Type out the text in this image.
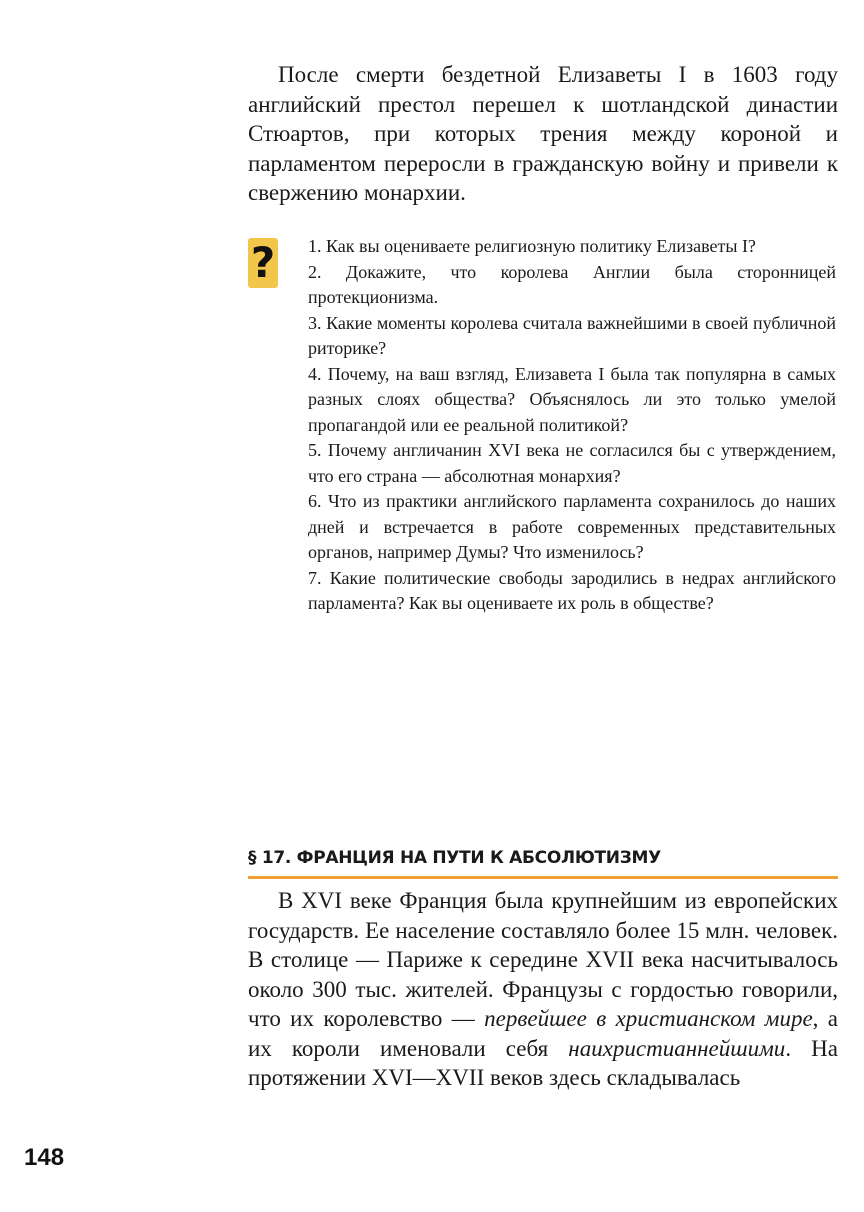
После смерти бездетной Елизаветы I в 1603 году английский престол перешел к шотландской династии Стюартов, при которых трения между короной и парламентом переросли в гражданскую войну и привели к свержению монархии.

? 1. Как вы оцениваете религиозную политику Елизаветы I?
2. Докажите, что королева Англии была сторонницей протекционизма.
3. Какие моменты королева считала важнейшими в своей публичной риторике?
4. Почему, на ваш взгляд, Елизавета I была так популярна в самых разных слоях общества? Объяснялось ли это только умелой пропагандой или ее реальной политикой?
5. Почему англичанин XVI века не согласился бы с утверждением, что его страна — абсолютная монархия?
6. Что из практики английского парламента сохранилось до наших дней и встречается в работе современных представительных органов, например Думы? Что изменилось?
7. Какие политические свободы зародились в недрах английского парламента? Как вы оцениваете их роль в обществе?
§ 17. ФРАНЦИЯ НА ПУТИ К АБСОЛЮТИЗМУ

В XVI веке Франция была крупнейшим из европейских государств. Ее население составляло более 15 млн. человек. В столице — Париже к середине XVII века насчитывалось около 300 тыс. жителей. Французы с гордостью говорили, что их королевство — первейшее в христианском мире, а их короли именовали себя наихристианнейшими. На протяжении XVI—XVII веков здесь складывалась

148
